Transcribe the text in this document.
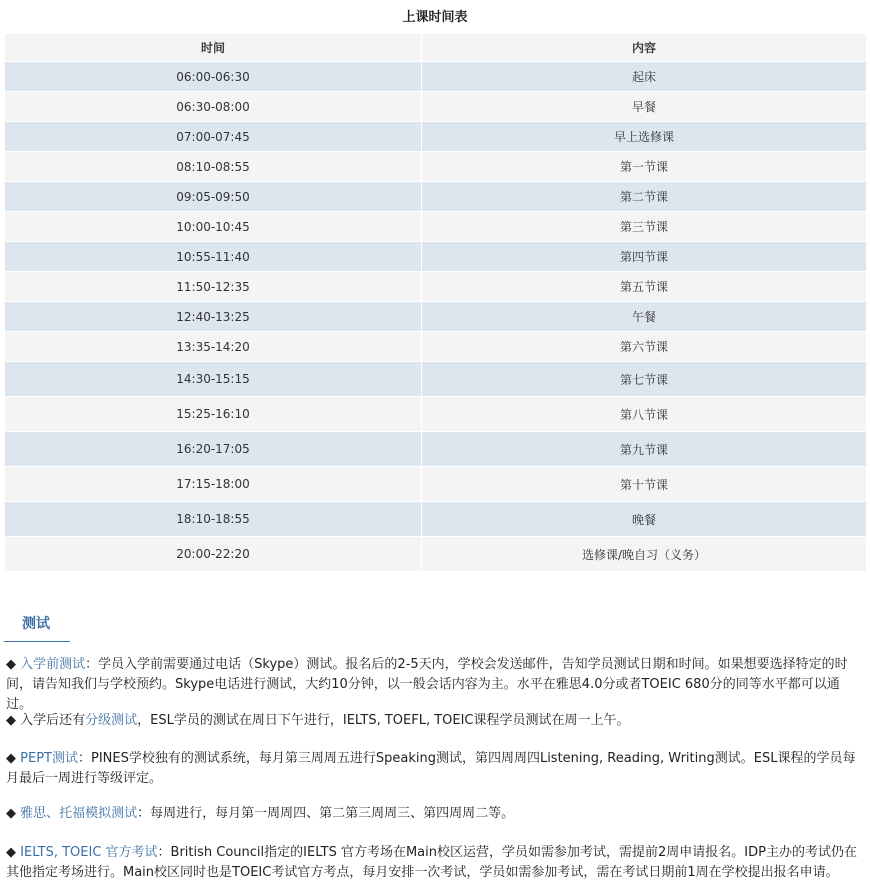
上课时间表
时间	内容
06:00-06:30	起床
06:30-08:00	早餐
07:00-07:45	早上选修课
08:10-08:55	第一节课
09:05-09:50	第二节课
10:00-10:45	第三节课
10:55-11:40	第四节课
11:50-12:35	第五节课
12:40-13:25	午餐
13:35-14:20	第六节课
14:30-15:15	第七节课
15:25-16:10	第八节课
16:20-17:05	第九节课
17:15-18:00	第十节课
18:10-18:55	晚餐
20:00-22:20	选修课/晚自习（义务）
测试
◆ 入学前测试：学员入学前需要通过电话（Skype）测试。报名后的2-5天内，学校会发送邮件，告知学员测试日期和时间。如果想要选择特定的时间，请告知我们与学校预约。Skype电话进行测试，大约10分钟，以一般会话内容为主。水平在雅思4.0分或者TOEIC 680分的同等水平都可以通过。
◆ 入学后还有分级测试，ESL学员的测试在周日下午进行，IELTS, TOEFL, TOEIC课程学员测试在周一上午。
◆ PEPT测试：PINES学校独有的测试系统，每月第三周周五进行Speaking测试，第四周周四Listening, Reading, Writing测试。ESL课程的学员每月最后一周进行等级评定。
◆ 雅思、托福模拟测试：每周进行，每月第一周周四、第二第三周周三、第四周周二等。
◆ IELTS, TOEIC 官方考试：British Council指定的IELTS 官方考场在Main校区运营，学员如需参加考试，需提前2周申请报名。IDP主办的考试仍在其他指定考场进行。Main校区同时也是TOEIC考试官方考点，每月安排一次考试，学员如需参加考试，需在考试日期前1周在学校提出报名申请。
